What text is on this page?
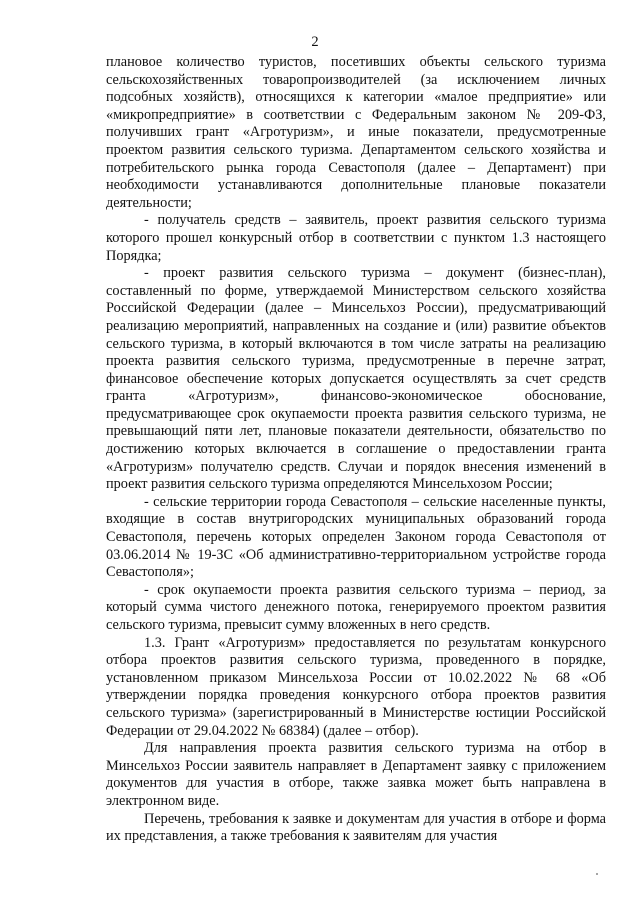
2

плановое количество туристов, посетивших объекты сельского туризма сельскохозяйственных товаропроизводителей (за исключением личных подсобных хозяйств), относящихся к категории «малое предприятие» или «микропредприятие» в соответствии с Федеральным законом № 209-ФЗ, получивших грант «Агротуризм», и иные показатели, предусмотренные проектом развития сельского туризма. Департаментом сельского хозяйства и потребительского рынка города Севастополя (далее – Департамент) при необходимости устанавливаются дополнительные плановые показатели деятельности;

- получатель средств – заявитель, проект развития сельского туризма которого прошел конкурсный отбор в соответствии с пунктом 1.3 настоящего Порядка;

- проект развития сельского туризма – документ (бизнес-план), составленный по форме, утверждаемой Министерством сельского хозяйства Российской Федерации (далее – Минсельхоз России), предусматривающий реализацию мероприятий, направленных на создание и (или) развитие объектов сельского туризма, в который включаются в том числе затраты на реализацию проекта развития сельского туризма, предусмотренные в перечне затрат, финансовое обеспечение которых допускается осуществлять за счет средств гранта «Агротуризм», финансово-экономическое обоснование, предусматривающее срок окупаемости проекта развития сельского туризма, не превышающий пяти лет, плановые показатели деятельности, обязательство по достижению которых включается в соглашение о предоставлении гранта «Агротуризм» получателю средств. Случаи и порядок внесения изменений в проект развития сельского туризма определяются Минсельхозом России;

- сельские территории города Севастополя – сельские населенные пункты, входящие в состав внутригородских муниципальных образований города Севастополя, перечень которых определен Законом города Севастополя от 03.06.2014 № 19-ЗС «Об административно-территориальном устройстве города Севастополя»;

- срок окупаемости проекта развития сельского туризма – период, за который сумма чистого денежного потока, генерируемого проектом развития сельского туризма, превысит сумму вложенных в него средств.

1.3. Грант «Агротуризм» предоставляется по результатам конкурсного отбора проектов развития сельского туризма, проведенного в порядке, установленном приказом Минсельхоза России от 10.02.2022 № 68 «Об утверждении порядка проведения конкурсного отбора проектов развития сельского туризма» (зарегистрированный в Министерстве юстиции Российской Федерации от 29.04.2022 № 68384) (далее – отбор).

Для направления проекта развития сельского туризма на отбор в Минсельхоз России заявитель направляет в Департамент заявку с приложением документов для участия в отборе, также заявка может быть направлена в электронном виде.

Перечень, требования к заявке и документам для участия в отборе и форма их представления, а также требования к заявителям для участия
